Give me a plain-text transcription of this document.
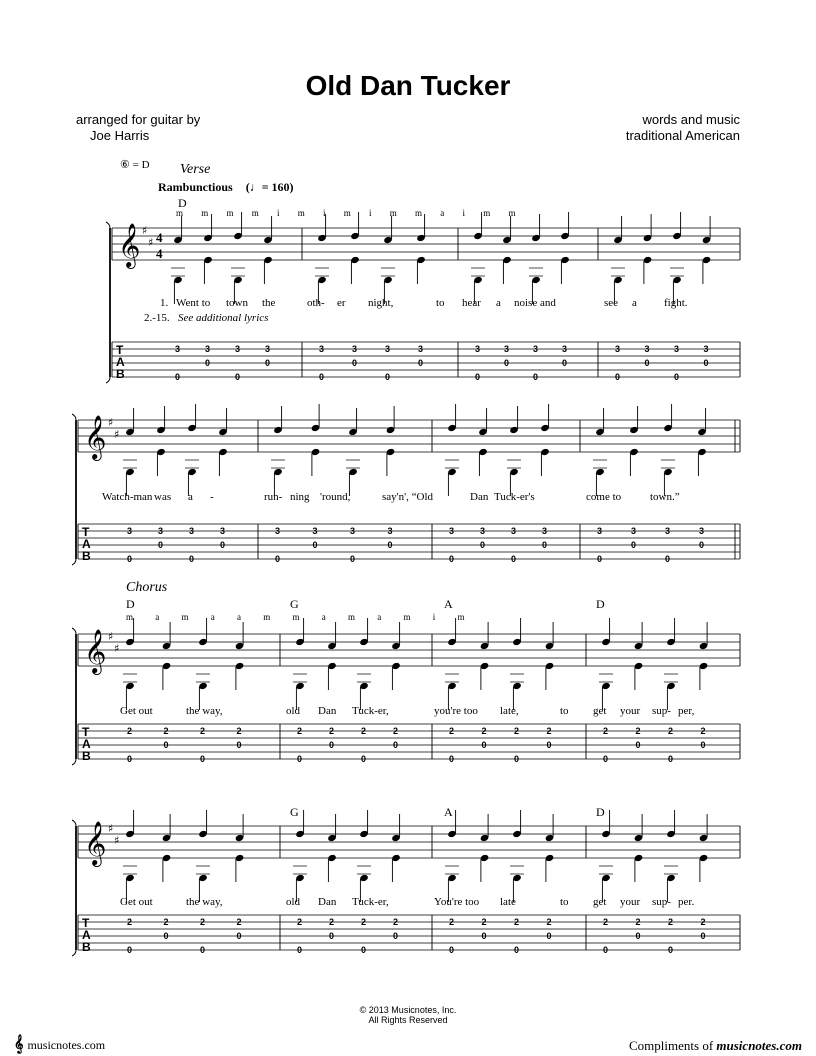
Old Dan Tucker
arranged for guitar by
Joe Harris
words and music
traditional American
⑥ = D Verse
Rambunctious (♩= 160)
D
m m m m i m i m i m m a i m m
Chorus
D	G	A	D
m a m a a m m a m a m i m
G	A	D
1. Went to town the	oth- er night,	to hear a noise and	see a fight.
2.-15. See additional lyrics
Watch-man was a -	run- ning 'round,	say'n', “Old	Dan Tuck-er's	come to	town.”
Get out	the way,	old Dan Tuck-er,	you're too late,	to get your sup- per,
Get out	the way,	old Dan Tuck-er,	You're too late	to get your sup- per.
𝄞 ♯
♯ 4
4
T
A
B
3
0
3
0
3
0
3
0
3
0
3
0
3
0
3
0
3
0
3
0
3
0
3
0
3
0
3
0
3
0
3
0
𝄞 ♯
♯
T
A
B
3
0
3
0
3
0
3
0
3
0
3
0
3
0
3
0
3
0
3
0
3
0
3
0
3
0
3
0
3
0
3
0
𝄞 ♯
♯
T
A
B
2
0
2
0
2
0
2
0
2
0
2
0
2
0
2
0
2
0
2
0
2
0
2
0
2
0
2
0
2
0
2
0
𝄞 ♯
♯
T
A
B
2
0
2
0
2
0
2
0
2
0
2
0
2
0
2
0
2
0
2
0
2
0
2
0
2
0
2
0
2
0
2
0
© 2013 Musicnotes, Inc.
All Rights Reserved
𝄞 musicnotes.com	Compliments of musicnotes.com
